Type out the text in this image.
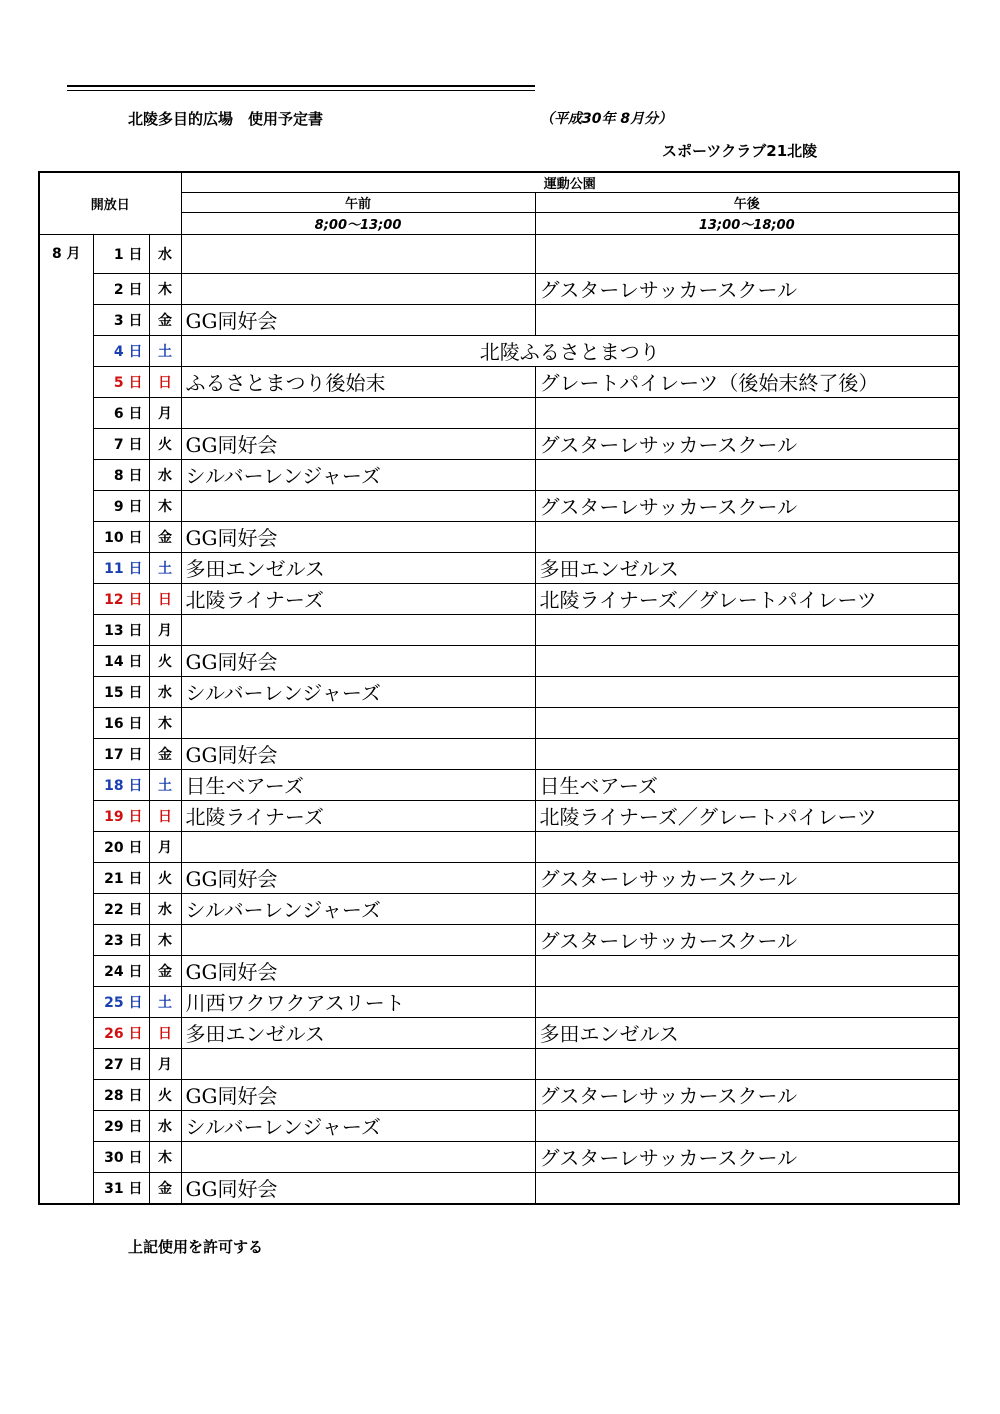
北陵多目的広場　使用予定書	（平成30年 8月分）
スポーツクラブ21北陵
開放日			運動公園	
			午前	午後
			8;00～13;00	13;00～18;00
8 月	1 日	水		
	2 日	木		グスターレサッカースクール
	3 日	金	GG同好会	
	4 日	土	北陵ふるさとまつり	
	5 日	日	ふるさとまつり後始末	グレートパイレーツ（後始末終了後）
	6 日	月		
	7 日	火	GG同好会	グスターレサッカースクール
	8 日	水	シルバーレンジャーズ	
	9 日	木		グスターレサッカースクール
	10 日	金	GG同好会	
	11 日	土	多田エンゼルス	多田エンゼルス
	12 日	日	北陵ライナーズ	北陵ライナーズ／グレートパイレーツ
	13 日	月		
	14 日	火	GG同好会	
	15 日	水	シルバーレンジャーズ	
	16 日	木		
	17 日	金	GG同好会	
	18 日	土	日生ベアーズ	日生ベアーズ
	19 日	日	北陵ライナーズ	北陵ライナーズ／グレートパイレーツ
	20 日	月		
	21 日	火	GG同好会	グスターレサッカースクール
	22 日	水	シルバーレンジャーズ	
	23 日	木		グスターレサッカースクール
	24 日	金	GG同好会	
	25 日	土	川西ワクワクアスリート	
	26 日	日	多田エンゼルス	多田エンゼルス
	27 日	月		
	28 日	火	GG同好会	グスターレサッカースクール
	29 日	水	シルバーレンジャーズ	
	30 日	木		グスターレサッカースクール
	31 日	金	GG同好会	
上記使用を許可する
